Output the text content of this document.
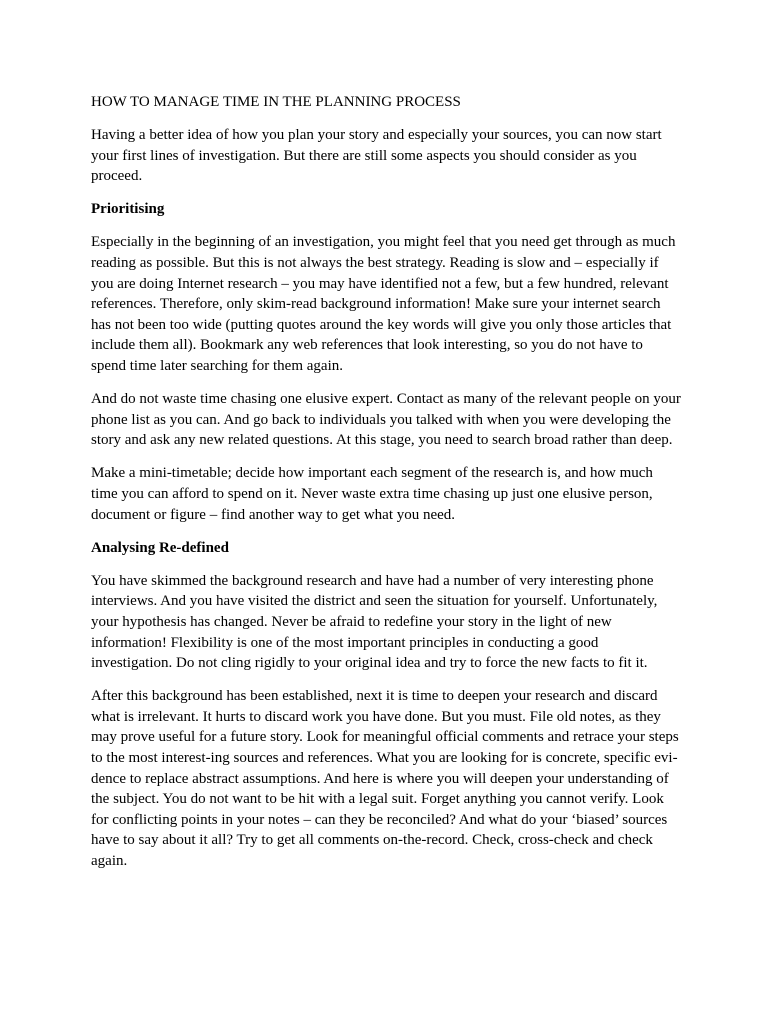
HOW TO MANAGE TIME IN THE PLANNING PROCESS

Having a better idea of how you plan your story and especially your sources, you can now start your first lines of investigation. But there are still some aspects you should consider as you proceed.

Prioritising

Especially in the beginning of an investigation, you might feel that you need get through as much reading as possible. But this is not always the best strategy. Reading is slow and – especially if you are doing Internet research – you may have identified not a few, but a few hundred, relevant references. Therefore, only skim-read background information! Make sure your internet search has not been too wide (putting quotes around the key words will give you only those articles that include them all). Bookmark any web references that look interesting, so you do not have to spend time later searching for them again.

And do not waste time chasing one elusive expert. Contact as many of the relevant people on your phone list as you can. And go back to individuals you talked with when you were developing the story and ask any new related questions. At this stage, you need to search broad rather than deep.

Make a mini-timetable; decide how important each segment of the research is, and how much time you can afford to spend on it. Never waste extra time chasing up just one elusive person, document or figure – find another way to get what you need.

Analysing Re-defined

You have skimmed the background research and have had a number of very interesting phone interviews. And you have visited the district and seen the situation for yourself. Unfortunately, your hypothesis has changed. Never be afraid to redefine your story in the light of new information! Flexibility is one of the most important principles in conducting a good investigation. Do not cling rigidly to your original idea and try to force the new facts to fit it.

After this background has been established, next it is time to deepen your research and discard what is irrelevant. It hurts to discard work you have done. But you must. File old notes, as they may prove useful for a future story. Look for meaningful official comments and retrace your steps to the most interest-ing sources and references. What you are looking for is concrete, specific evi-dence to replace abstract assumptions. And here is where you will deepen your understanding of the subject. You do not want to be hit with a legal suit. Forget anything you cannot verify. Look for conflicting points in your notes – can they be reconciled? And what do your ‘biased’ sources have to say about it all? Try to get all comments on-the-record. Check, cross-check and check again.
